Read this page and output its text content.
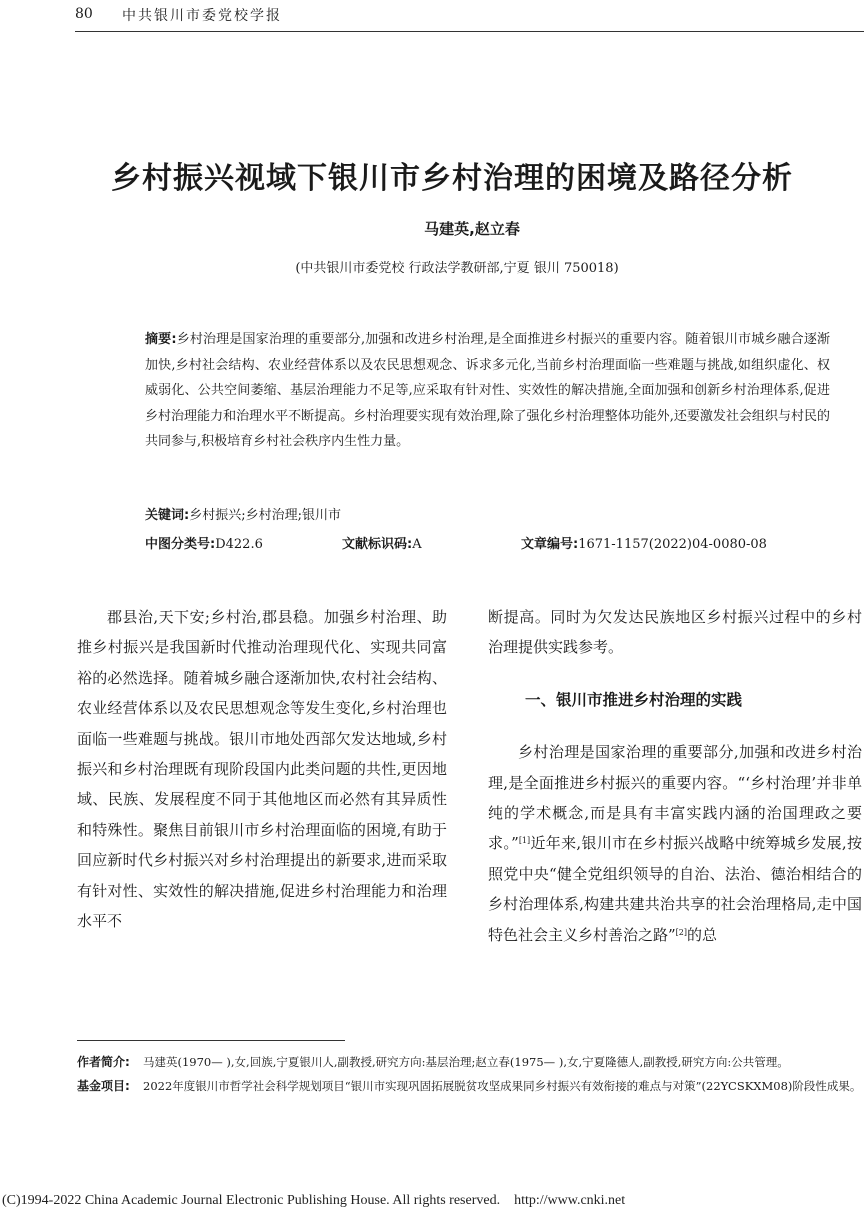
80 中共银川市委党校学报
乡村振兴视域下银川市乡村治理的困境及路径分析
马建英,赵立春
(中共银川市委党校 行政法学教研部,宁夏 银川 750018)
摘要:乡村治理是国家治理的重要部分,加强和改进乡村治理,是全面推进乡村振兴的重要内容。随着银川市城乡融合逐渐加快,乡村社会结构、农业经营体系以及农民思想观念、诉求多元化,当前乡村治理面临一些难题与挑战,如组织虚化、权威弱化、公共空间萎缩、基层治理能力不足等,应采取有针对性、实效性的解决措施,全面加强和创新乡村治理体系,促进乡村治理能力和治理水平不断提高。乡村治理要实现有效治理,除了强化乡村治理整体功能外,还要激发社会组织与村民的共同参与,积极培育乡村社会秩序内生性力量。
关键词:乡村振兴;乡村治理;银川市
中图分类号:D422.6	文献标识码:A	文章编号:1671-1157(2022)04-0080-08

郡县治,天下安;乡村治,郡县稳。加强乡村治理、助推乡村振兴是我国新时代推动治理现代化、实现共同富裕的必然选择。随着城乡融合逐渐加快,农村社会结构、农业经营体系以及农民思想观念等发生变化,乡村治理也面临一些难题与挑战。银川市地处西部欠发达地域,乡村振兴和乡村治理既有现阶段国内此类问题的共性,更因地域、民族、发展程度不同于其他地区而必然有其异质性和特殊性。聚焦目前银川市乡村治理面临的困境,有助于回应新时代乡村振兴对乡村治理提出的新要求,进而采取有针对性、实效性的解决措施,促进乡村治理能力和治理水平不

断提高。同时为欠发达民族地区乡村振兴过程中的乡村治理提供实践参考。

一、银川市推进乡村治理的实践

乡村治理是国家治理的重要部分,加强和改进乡村治理,是全面推进乡村振兴的重要内容。“‘乡村治理’并非单纯的学术概念,而是具有丰富实践内涵的治国理政之要求。”[1]近年来,银川市在乡村振兴战略中统筹城乡发展,按照党中央“健全党组织领导的自治、法治、德治相结合的乡村治理体系,构建共建共治共享的社会治理格局,走中国特色社会主义乡村善治之路”[2]的总

作者简介: 马建英(1970— ),女,回族,宁夏银川人,副教授,研究方向:基层治理;赵立春(1975— ),女,宁夏隆德人,副教授,研究方向:公共管理。
基金项目: 2022年度银川市哲学社会科学规划项目“银川市实现巩固拓展脱贫攻坚成果同乡村振兴有效衔接的难点与对策”(22YCSKXM08)阶段性成果。
(C)1994-2022 China Academic Journal Electronic Publishing House. All rights reserved.    http://www.cnki.net
